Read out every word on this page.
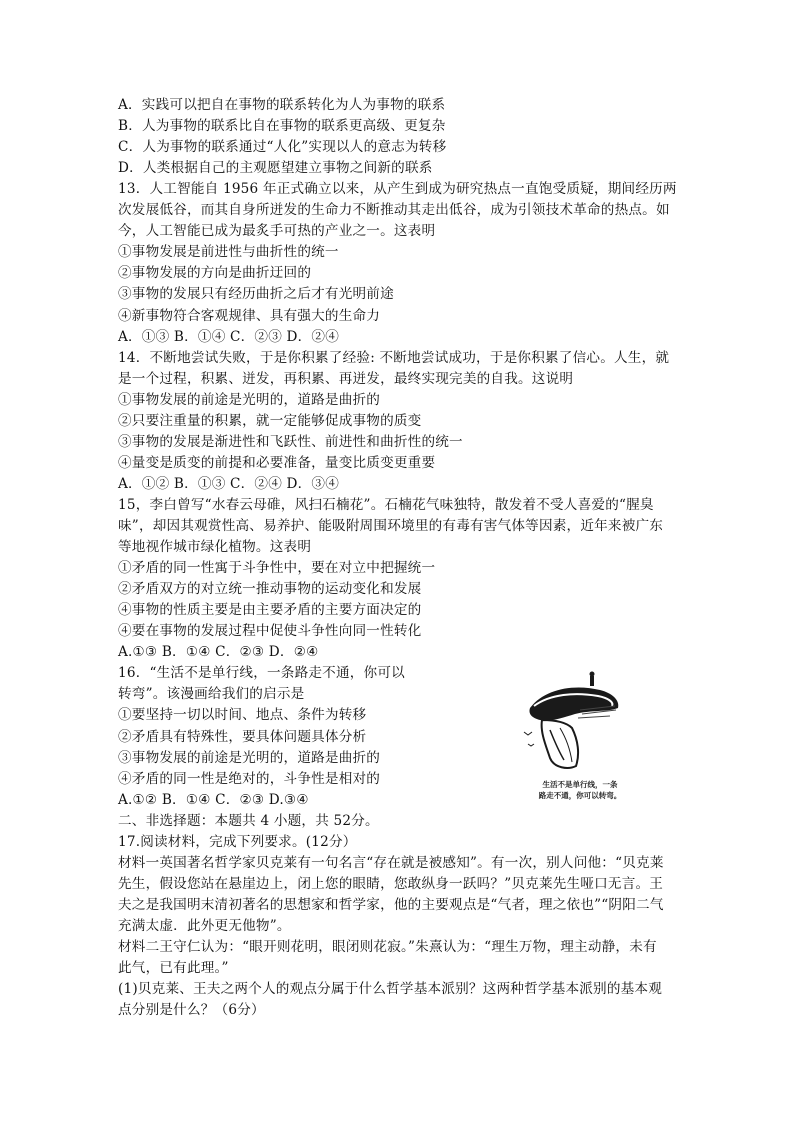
A．实践可以把自在事物的联系转化为人为事物的联系
B．人为事物的联系比自在事物的联系更高级、更复杂
C．人为事物的联系通过“人化”实现以人的意志为转移
D．人类根据自己的主观愿望建立事物之间新的联系
13．人工智能自 1956 年正式确立以来，从产生到成为研究热点一直饱受质疑，期间经历两
次发展低谷，而其自身所迸发的生命力不断推动其走出低谷，成为引领技术革命的热点。如
今，人工智能已成为最炙手可热的产业之一。这表明
①事物发展是前进性与曲折性的统一
②事物发展的方向是曲折迂回的
③事物的发展只有经历曲折之后才有光明前途
④新事物符合客观规律、具有强大的生命力
A．①③ B．①④ C．②③ D．②④
14．不断地尝试失败，于是你积累了经验: 不断地尝试成功，于是你积累了信心。人生，就
是一个过程，积累、迸发，再积累、再迸发，最终实现完美的自我。这说明
①事物发展的前途是光明的，道路是曲折的
②只要注重量的积累，就一定能够促成事物的质变
③事物的发展是渐进性和飞跃性、前进性和曲折性的统一
④量变是质变的前提和必要准备，量变比质变更重要
A．①② B．①③ C．②④ D．③④
15，李白曾写“水春云母碓，风扫石楠花”。石楠花气味独特，散发着不受人喜爱的“腥臭
味”，却因其观赏性高、易养护、能吸附周围环境里的有毒有害气体等因素，近年来被广东
等地视作城市绿化植物。这表明
①矛盾的同一性寓于斗争性中，要在对立中把握统一
②矛盾双方的对立统一推动事物的运动变化和发展
④事物的性质主要是由主要矛盾的主要方面决定的
④要在事物的发展过程中促使斗争性向同一性转化
A.①③ B．①④ C．②③ D．②④
16．“生活不是单行线，一条路走不通，你可以
转弯”。该漫画给我们的启示是
①要坚持一切以时间、地点、条件为转移
②矛盾具有特殊性，要具体问题具体分析
③事物发展的前途是光明的，道路是曲折的
④矛盾的同一性是绝对的，斗争性是相对的
A.①② B．①④ C．②③ D.③④
二、非选择题：本题共 4 小题，共 52分。
17.阅读材料，完成下列要求。(12分）
材料一英国著名哲学家贝克莱有一句名言“存在就是被感知”。有一次，别人问他：“贝克莱
先生，假设您站在悬崖边上，闭上您的眼睛，您敢纵身一跃吗？”贝克莱先生哑口无言。王
夫之是我国明末清初著名的思想家和哲学家，他的主要观点是“气者，理之依也”“阴阳二气
充满太虚．此外更无他物”。
材料二王守仁认为：“眼开则花明，眼闭则花寂。”朱熹认为：“理生万物，理主动静，未有
此气，已有此理。”
(1)贝克莱、王夫之两个人的观点分属于什么哲学基本派别？这两种哲学基本派别的基本观
点分别是什么？（6分）
生活不是单行线，一条
路走不通，你可以转弯。
